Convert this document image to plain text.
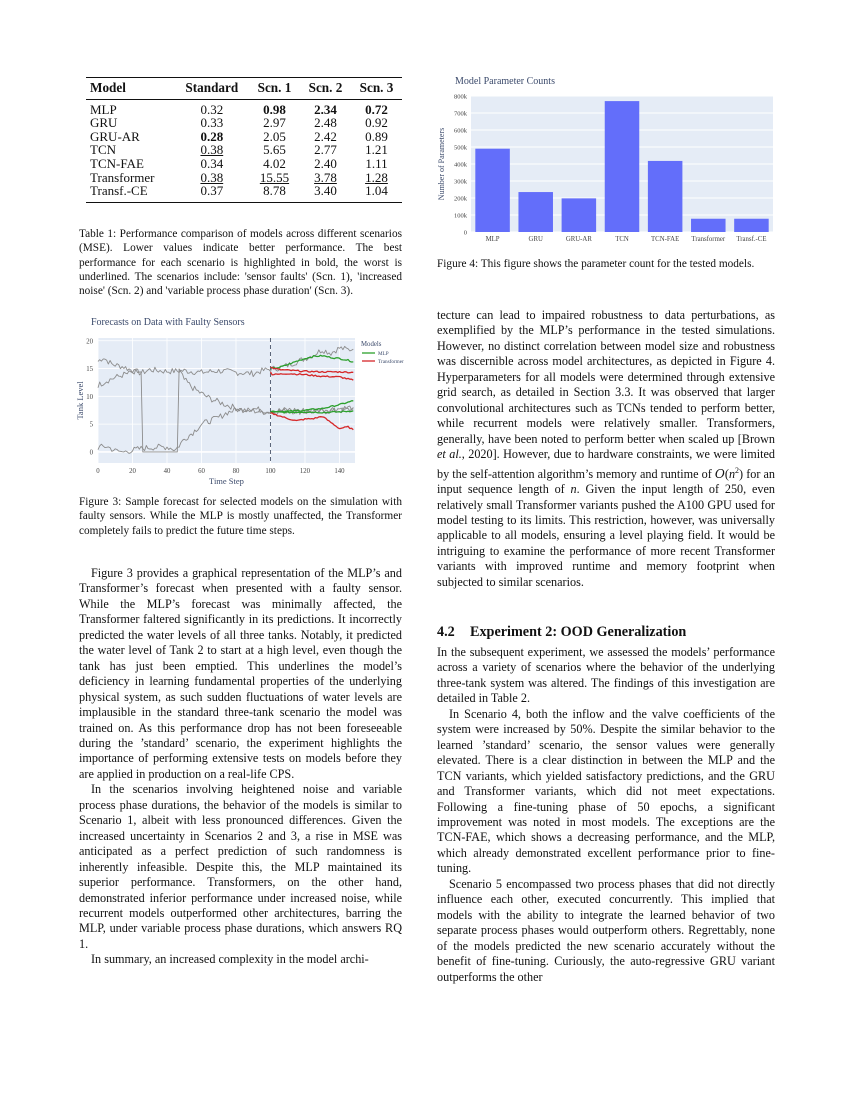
Model	Standard	Scn. 1	Scn. 2	Scn. 3
MLP	0.32	0.98	2.34	0.72
GRU	0.33	2.97	2.48	0.92
GRU-AR	0.28	2.05	2.42	0.89
TCN	0.38	5.65	2.77	1.21
TCN-FAE	0.34	4.02	2.40	1.11
Transformer	0.38	15.55	3.78	1.28
Transf.-CE	0.37	8.78	3.40	1.04
Table 1: Performance comparison of models across different scenarios (MSE). Lower values indicate better performance. The best performance for each scenario is highlighted in bold, the worst is underlined. The scenarios include: 'sensor faults' (Scn. 1), 'increased noise' (Scn. 2) and 'variable process phase duration' (Scn. 3).
Model Parameter Counts
0
100k
200k
300k
400k
500k
600k
700k
800k
MLP	GRU	GRU-AR	TCN	TCN-FAE Transformer Transf.-CE
Number of Parameters
Figure 4: This figure shows the parameter count for the tested models.
Forecasts on Data with Faulty Sensors
0
5
10
15
20
0	20	40	60	80	100	120	140
Time Step
Tank Level
Models
MLP
Transformer
Figure 3: Sample forecast for selected models on the simulation with faulty sensors. While the MLP is mostly unaffected, the Transformer completely fails to predict the future time steps.

Figure 3 provides a graphical representation of the MLP’s and Transformer’s forecast when presented with a faulty sensor. While the MLP’s forecast was minimally affected, the Transformer faltered significantly in its predictions. It incorrectly predicted the water levels of all three tanks. Notably, it predicted the water level of Tank 2 to start at a high level, even though the tank has just been emptied. This underlines the model’s deficiency in learning fundamental properties of the underlying physical system, as such sudden fluctuations of water levels are implausible in the standard three-tank scenario the model was trained on. As this performance drop has not been foreseeable during the ’standard’ scenario, the experiment highlights the importance of performing extensive tests on models before they are applied in production on a real-life CPS.

In the scenarios involving heightened noise and variable process phase durations, the behavior of the models is similar to Scenario 1, albeit with less pronounced differences. Given the increased uncertainty in Scenarios 2 and 3, a rise in MSE was anticipated as a perfect prediction of such randomness is inherently infeasible. Despite this, the MLP maintained its superior performance. Transformers, on the other hand, demonstrated inferior performance under increased noise, while recurrent models outperformed other architectures, barring the MLP, under variable process phase durations, which answers RQ 1.

In summary, an increased complexity in the model archi-

tecture can lead to impaired robustness to data perturbations, as exemplified by the MLP’s performance in the tested simulations. However, no distinct correlation between model size and robustness was discernible across model architectures, as depicted in Figure 4. Hyperparameters for all models were determined through extensive grid search, as detailed in Section 3.3. It was observed that larger convolutional architectures such as TCNs tended to perform better, while recurrent models were relatively smaller. Transformers, generally, have been noted to perform better when scaled up [Brown et al., 2020]. However, due to hardware constraints, we were limited by the self-attention algorithm’s memory and runtime of $O(n^2)$ for an input sequence length of n. Given the input length of 250, even relatively small Transformer variants pushed the A100 GPU used for model testing to its limits. This restriction, however, was universally applicable to all models, ensuring a level playing field. It would be intriguing to examine the performance of more recent Transformer variants with improved runtime and memory footprint when subjected to similar scenarios.

4.2 Experiment 2: OOD Generalization

In the subsequent experiment, we assessed the models’ performance across a variety of scenarios where the behavior of the underlying three-tank system was altered. The findings of this investigation are detailed in Table 2.

In Scenario 4, both the inflow and the valve coefficients of the system were increased by 50%. Despite the similar behavior to the learned ’standard’ scenario, the sensor values were generally elevated. There is a clear distinction in between the MLP and the TCN variants, which yielded satisfactory predictions, and the GRU and Transformer variants, which did not meet expectations. Following a fine-tuning phase of 50 epochs, a significant improvement was noted in most models. The exceptions are the TCN-FAE, which shows a decreasing performance, and the MLP, which already demonstrated excellent performance prior to fine-tuning.

Scenario 5 encompassed two process phases that did not directly influence each other, executed concurrently. This implied that models with the ability to integrate the learned behavior of two separate process phases would outperform others. Regrettably, none of the models predicted the new scenario accurately without the benefit of fine-tuning. Curiously, the auto-regressive GRU variant outperforms the other
